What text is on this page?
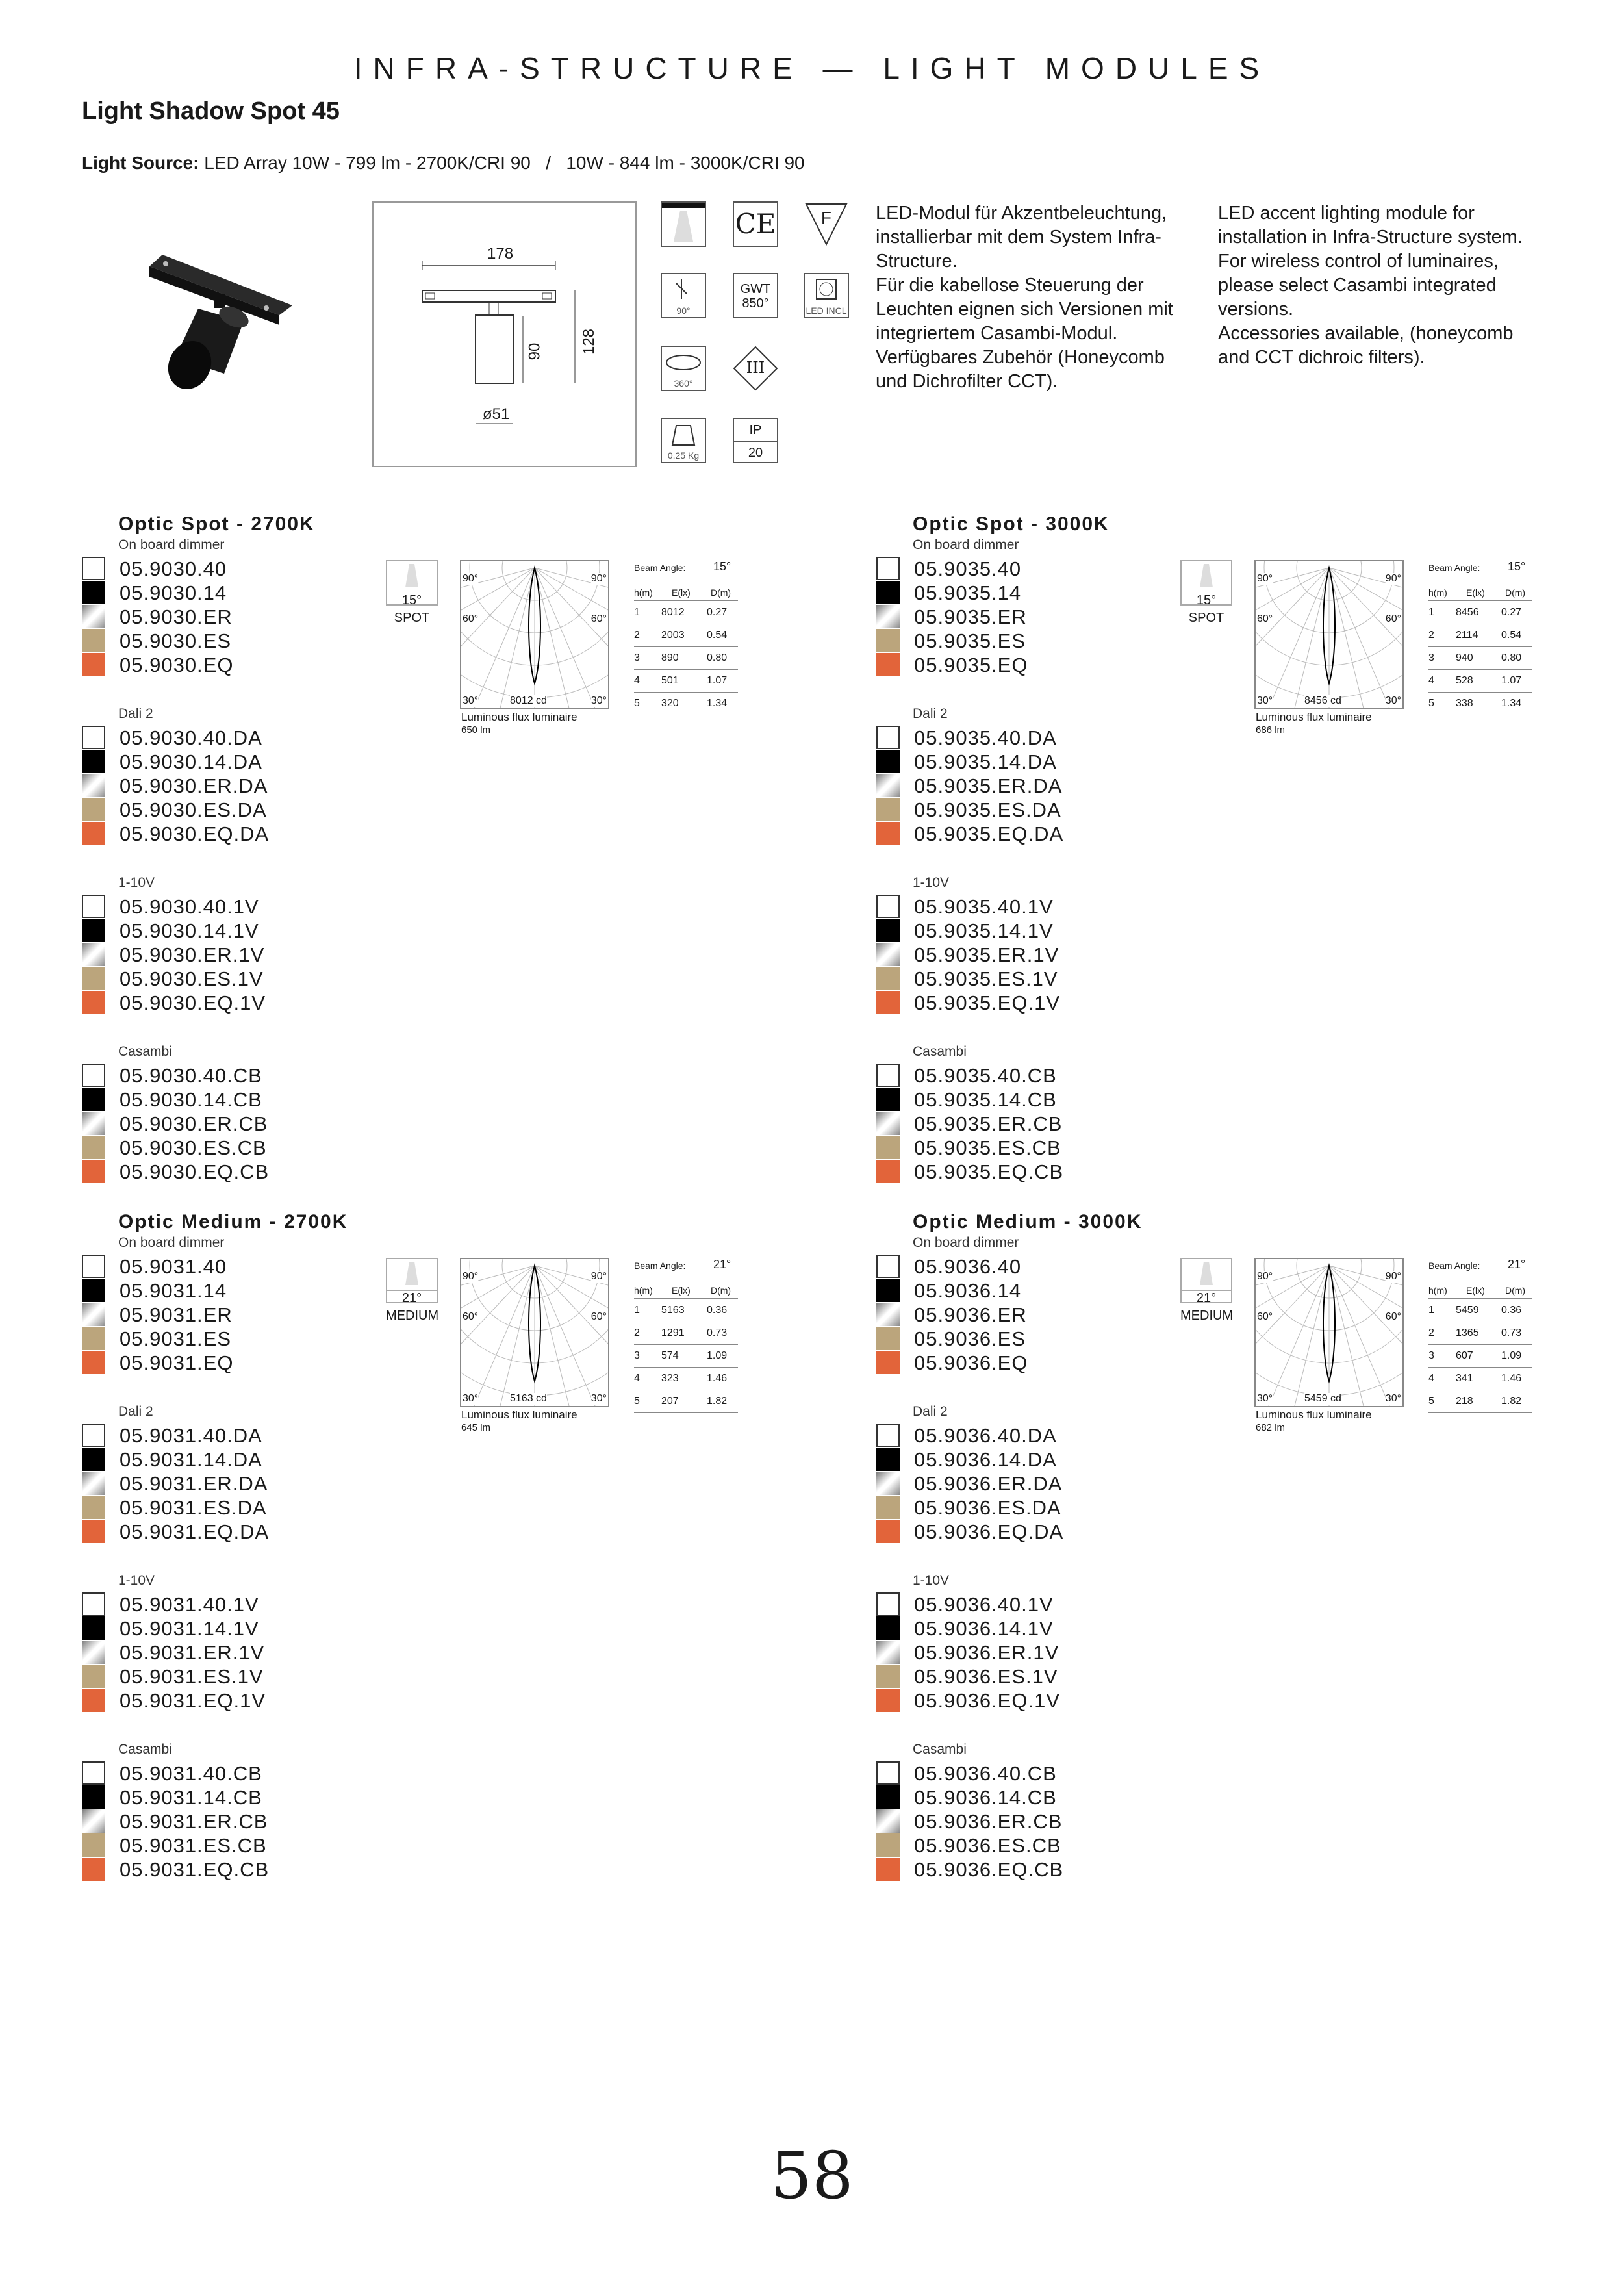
INFRA-STRUCTURE — LIGHT MODULES
Light Shadow Spot 45
Light Source: LED Array 10W - 799 lm - 2700K/CRI 90   /   10W - 844 lm - 3000K/CRI 90
178
90 128
ø51
CE	F
90°
GWT
850°	LED INCL
360°
III
0,25 Kg
IP
20
LED-Modul für Akzentbeleuchtung,
installierbar mit dem System Infra-
Structure.
Für die kabellose Steuerung der
Leuchten eignen sich Versionen mit
integriertem Casambi-Modul.
Verfügbares Zubehör (Honeycomb
und Dichrofilter CCT).
LED accent lighting module for
installation in Infra-Structure system.
For wireless control of luminaires,
please select Casambi integrated
versions.
Accessories available, (honeycomb
and CCT dichroic filters).
Optic Spot - 2700K
On board dimmer
05.9030.40
05.9030.14
05.9030.ER
05.9030.ES
05.9030.EQ
Dali 2
05.9030.40.DA
05.9030.14.DA
05.9030.ER.DA
05.9030.ES.DA
05.9030.EQ.DA
1-10V
05.9030.40.1V
05.9030.14.1V
05.9030.ER.1V
05.9030.ES.1V
05.9030.EQ.1V
Casambi
05.9030.40.CB
05.9030.14.CB
05.9030.ER.CB
05.9030.ES.CB
05.9030.EQ.CB
15°
SPOT
90°	90°
60°	60°
30°	30°
8012 cd
Luminous flux luminaire
650 lm
Beam Angle: 15°
h(m) E(lx) D(m)
1 8012 0.27
2 2003 0.54
3 890	0.80
4 501	1.07
5 320	1.34
Optic Spot - 3000K
On board dimmer
05.9035.40
05.9035.14
05.9035.ER
05.9035.ES
05.9035.EQ
Dali 2
05.9035.40.DA
05.9035.14.DA
05.9035.ER.DA
05.9035.ES.DA
05.9035.EQ.DA
1-10V
05.9035.40.1V
05.9035.14.1V
05.9035.ER.1V
05.9035.ES.1V
05.9035.EQ.1V
Casambi
05.9035.40.CB
05.9035.14.CB
05.9035.ER.CB
05.9035.ES.CB
05.9035.EQ.CB
15°
SPOT
90°	90°
60°	60°
30°	30°
8456 cd
Luminous flux luminaire
686 lm
Beam Angle: 15°
h(m) E(lx) D(m)
1 8456 0.27
2 2114 0.54
3 940	0.80
4 528	1.07
5 338	1.34
Optic Medium - 2700K
On board dimmer
05.9031.40
05.9031.14
05.9031.ER
05.9031.ES
05.9031.EQ
Dali 2
05.9031.40.DA
05.9031.14.DA
05.9031.ER.DA
05.9031.ES.DA
05.9031.EQ.DA
1-10V
05.9031.40.1V
05.9031.14.1V
05.9031.ER.1V
05.9031.ES.1V
05.9031.EQ.1V
Casambi
05.9031.40.CB
05.9031.14.CB
05.9031.ER.CB
05.9031.ES.CB
05.9031.EQ.CB
21°
MEDIUM
90°	90°
60°	60°
30°	30°
5163 cd
Luminous flux luminaire
645 lm
Beam Angle: 21°
h(m) E(lx) D(m)
1 5163 0.36
2 1291 0.73
3 574	1.09
4 323	1.46
5 207	1.82
Optic Medium - 3000K
On board dimmer
05.9036.40
05.9036.14
05.9036.ER
05.9036.ES
05.9036.EQ
Dali 2
05.9036.40.DA
05.9036.14.DA
05.9036.ER.DA
05.9036.ES.DA
05.9036.EQ.DA
1-10V
05.9036.40.1V
05.9036.14.1V
05.9036.ER.1V
05.9036.ES.1V
05.9036.EQ.1V
Casambi
05.9036.40.CB
05.9036.14.CB
05.9036.ER.CB
05.9036.ES.CB
05.9036.EQ.CB
21°
MEDIUM
90°	90°
60°	60°
30°	30°
5459 cd
Luminous flux luminaire
682 lm
Beam Angle: 21°
h(m) E(lx) D(m)
1 5459 0.36
2 1365 0.73
3 607	1.09
4 341	1.46
5 218	1.82
58
